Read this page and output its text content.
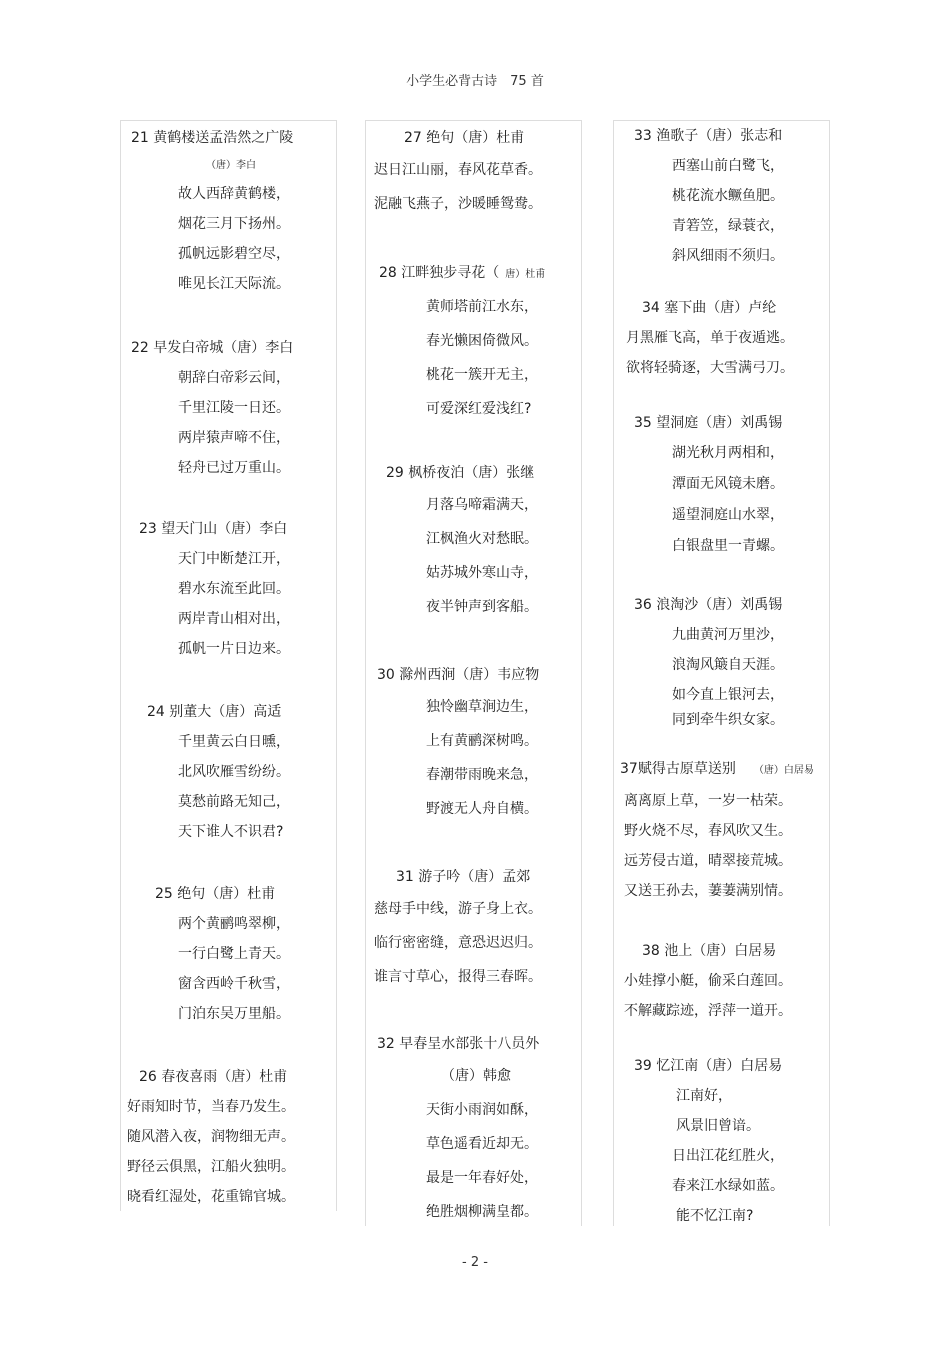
小学生必背古诗　75 首
21 黄鹤楼送孟浩然之广陵
（唐）李白
故人西辞黄鹤楼，
烟花三月下扬州。
孤帆远影碧空尽，
唯见长江天际流。
22 早发白帝城（唐）李白
朝辞白帝彩云间，
千里江陵一日还。
两岸猿声啼不住，
轻舟已过万重山。
23 望天门山（唐）李白
天门中断楚江开，
碧水东流至此回。
两岸青山相对出，
孤帆一片日边来。
24 别董大（唐）高适
千里黄云白日曛，
北风吹雁雪纷纷。
莫愁前路无知己，
天下谁人不识君?
25 绝句（唐）杜甫
两个黄鹂鸣翠柳，
一行白鹭上青天。
窗含西岭千秋雪，
门泊东吴万里船。
26 春夜喜雨（唐）杜甫
好雨知时节，当春乃发生。
随风潜入夜，润物细无声。
野径云俱黑，江船火独明。
晓看红湿处，花重锦官城。
27 绝句（唐）杜甫
迟日江山丽，春风花草香。
泥融飞燕子，沙暖睡鸳鸯。
28 江畔独步寻花（ 唐）杜甫
黄师塔前江水东，
春光懒困倚微风。
桃花一簇开无主，
可爱深红爱浅红?
29 枫桥夜泊（唐）张继
月落乌啼霜满天，
江枫渔火对愁眠。
姑苏城外寒山寺，
夜半钟声到客船。
30 滁州西涧（唐）韦应物
独怜幽草涧边生，
上有黄鹂深树鸣。
春潮带雨晚来急，
野渡无人舟自横。
31 游子吟（唐）孟郊
慈母手中线，游子身上衣。
临行密密缝，意恐迟迟归。
谁言寸草心，报得三春晖。
32 早春呈水部张十八员外
（唐）韩愈
天街小雨润如酥，
草色遥看近却无。
最是一年春好处，
绝胜烟柳满皇都。
33 渔歌子（唐）张志和
西塞山前白鹭飞，
桃花流水鳜鱼肥。
青箬笠，绿蓑衣，
斜风细雨不须归。
34 塞下曲（唐）卢纶
月黑雁飞高，单于夜遁逃。
欲将轻骑逐，大雪满弓刀。
35 望洞庭（唐）刘禹锡
湖光秋月两相和，
潭面无风镜未磨。
遥望洞庭山水翠，
白银盘里一青螺。
36 浪淘沙（唐）刘禹锡
九曲黄河万里沙，
浪淘风簸自天涯。
如今直上银河去，
同到牵牛织女家。
37赋得古原草送别 （唐）白居易
离离原上草，一岁一枯荣。
野火烧不尽，春风吹又生。
远芳侵古道，晴翠接荒城。
又送王孙去，萋萋满别情。
38 池上（唐）白居易
小娃撑小艇，偷采白莲回。
不解藏踪迹，浮萍一道开。
39 忆江南（唐）白居易
江南好，
风景旧曾谙。
日出江花红胜火，
春来江水绿如蓝。
能不忆江南?
- 2 -
